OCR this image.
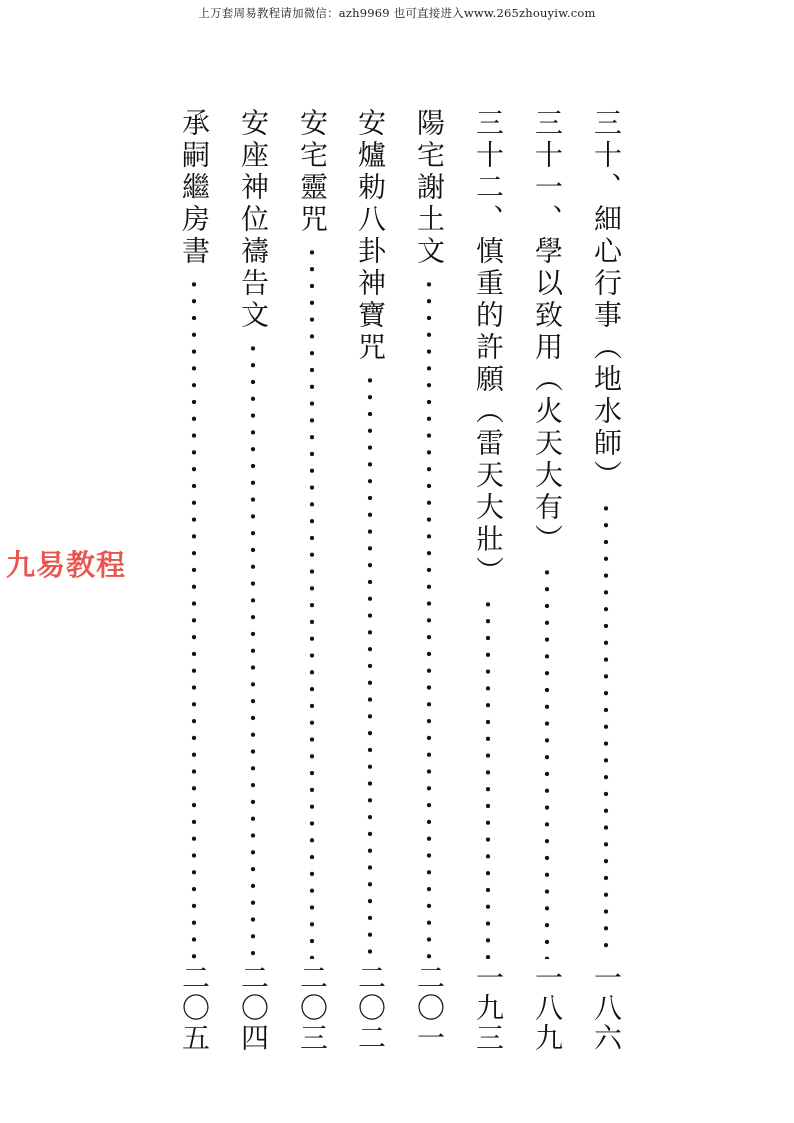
上万套周易教程请加微信：azh9969 也可直接进入www.265zhouyiw.com
三十、細心行事（地水師）
一八六
三十一、學以致用（火天大有）
一八九
三十二、慎重的許願（雷天大壯）
一九三
陽宅謝土文
二〇一
安爐勅八卦神寶咒
二〇二
安宅靈咒
二〇三
安座神位禱告文
二〇四
承嗣繼房書
二〇五
九易教程
